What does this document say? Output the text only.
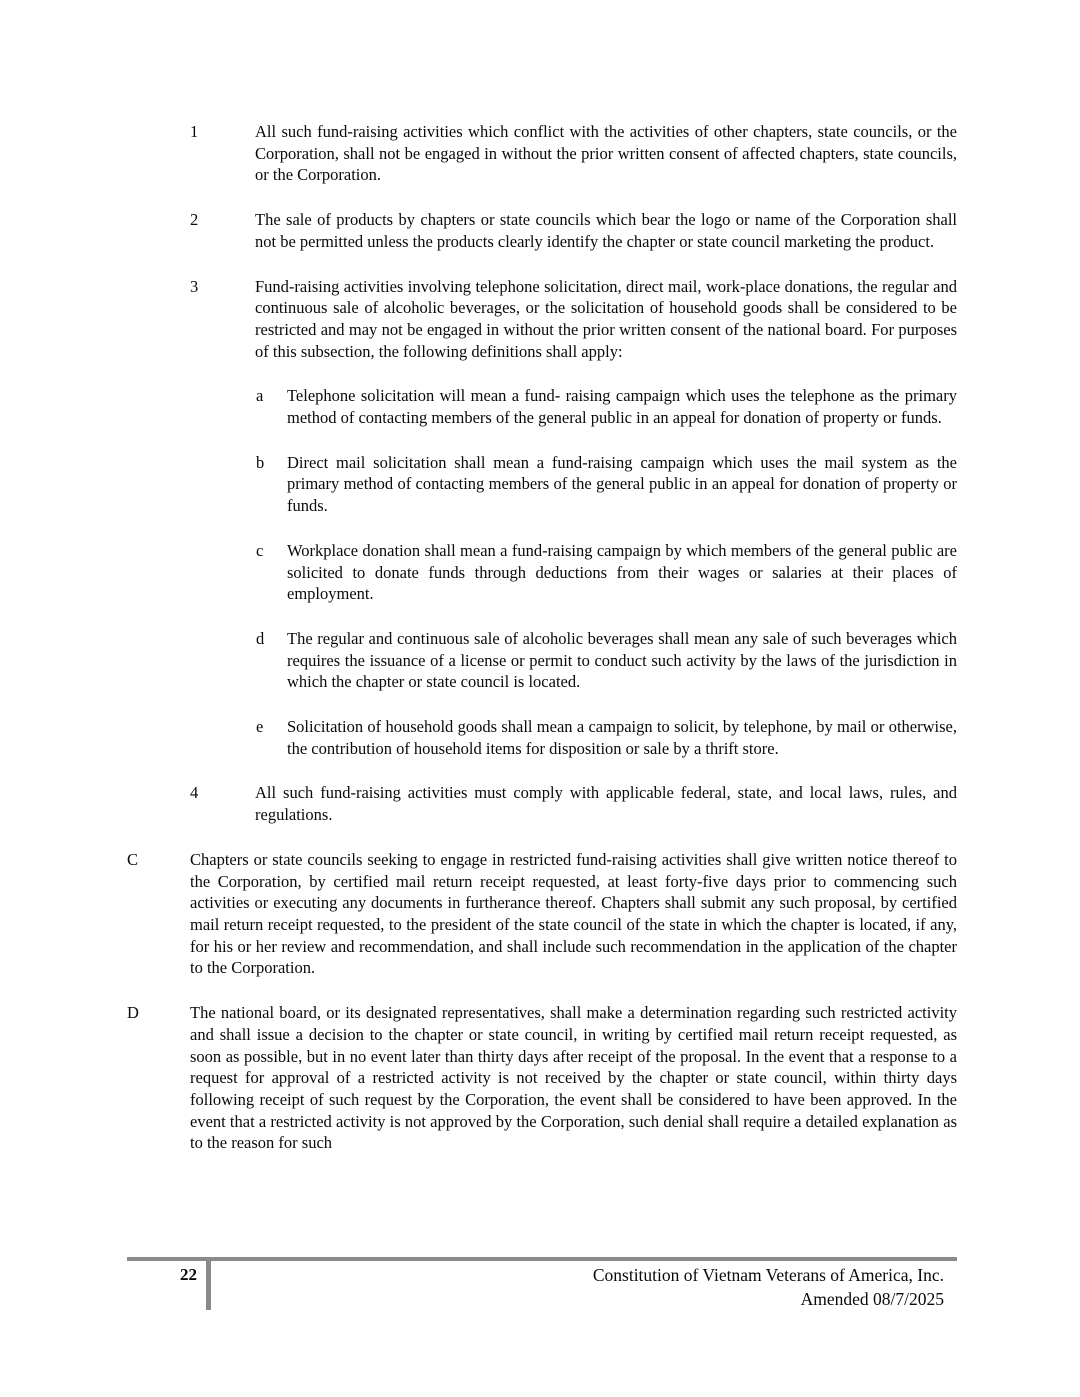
1	All such fund-raising activities which conflict with the activities of other chapters, state councils, or the Corporation, shall not be engaged in without the prior written consent of affected chapters, state councils, or the Corporation.
2	The sale of products by chapters or state councils which bear the logo or name of the Corporation shall not be permitted unless the products clearly identify the chapter or state council marketing the product.
3	Fund-raising activities involving telephone solicitation, direct mail, work-place donations, the regular and continuous sale of alcoholic beverages, or the solicitation of household goods shall be considered to be restricted and may not be engaged in without the prior written consent of the national board. For purposes of this subsection, the following definitions shall apply:
a	Telephone solicitation will mean a fund- raising campaign which uses the telephone as the primary method of contacting members of the general public in an appeal for donation of property or funds.
b	Direct mail solicitation shall mean a fund-raising campaign which uses the mail system as the primary method of contacting members of the general public in an appeal for donation of property or funds.
c	Workplace donation shall mean a fund-raising campaign by which members of the general public are solicited to donate funds through deductions from their wages or salaries at their places of employment.
d	The regular and continuous sale of alcoholic beverages shall mean any sale of such beverages which requires the issuance of a license or permit to conduct such activity by the laws of the jurisdiction in which the chapter or state council is located.
e	Solicitation of household goods shall mean a campaign to solicit, by telephone, by mail or otherwise, the contribution of household items for disposition or sale by a thrift store.
4	All such fund-raising activities must comply with applicable federal, state, and local laws, rules, and regulations.
C	Chapters or state councils seeking to engage in restricted fund-raising activities shall give written notice thereof to the Corporation, by certified mail return receipt requested, at least forty-five days prior to commencing such activities or executing any documents in furtherance thereof. Chapters shall submit any such proposal, by certified mail return receipt requested, to the president of the state council of the state in which the chapter is located, if any, for his or her review and recommendation, and shall include such recommendation in the application of the chapter to the Corporation.
D	The national board, or its designated representatives, shall make a determination regarding such restricted activity and shall issue a decision to the chapter or state council, in writing by certified mail return receipt requested, as soon as possible, but in no event later than thirty days after receipt of the proposal. In the event that a response to a request for approval of a restricted activity is not received by the chapter or state council, within thirty days following receipt of such request by the Corporation, the event shall be considered to have been approved. In the event that a restricted activity is not approved by the Corporation, such denial shall require a detailed explanation as to the reason for such
22	Constitution of Vietnam Veterans of America, Inc.
Amended 08/7/2025
